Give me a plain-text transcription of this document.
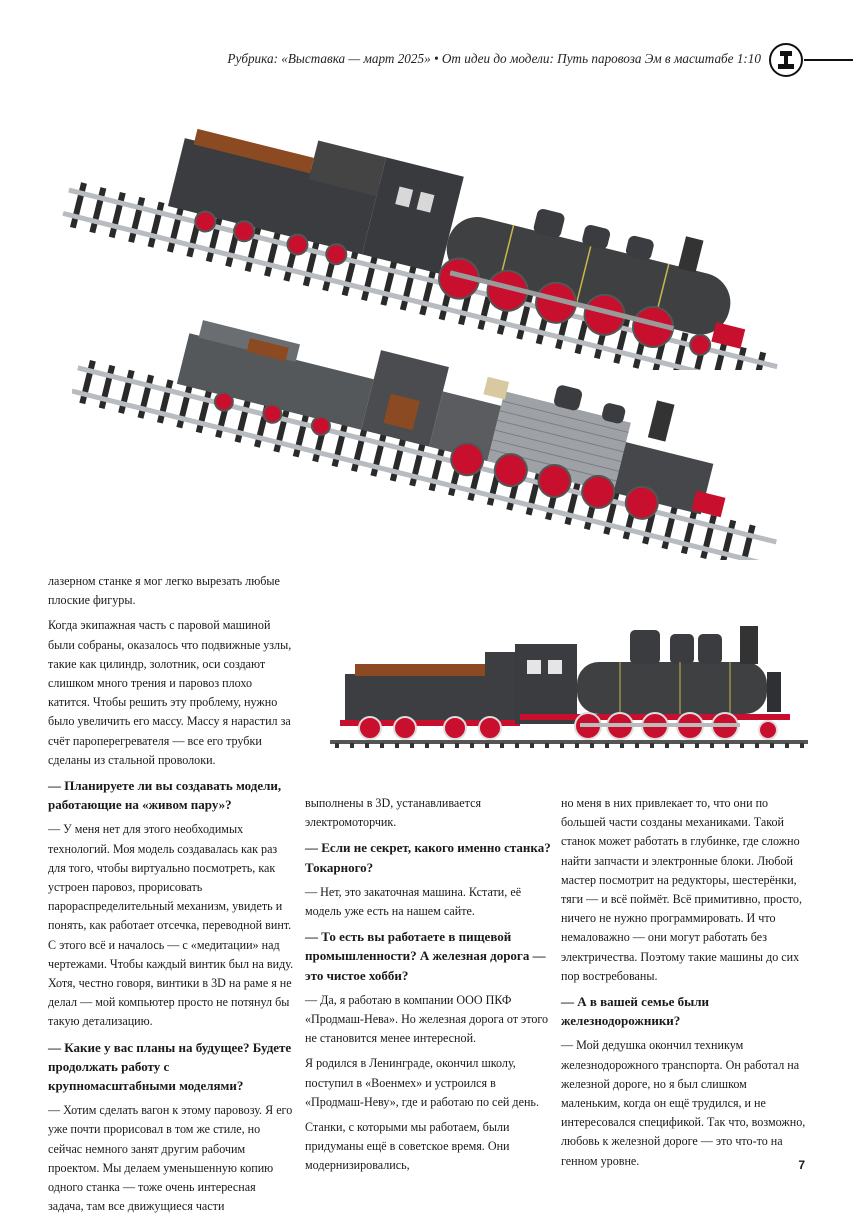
Рубрика: «Выставка — март 2025» • От идеи до модели: Путь паровоза Эм в масштабе 1:10

лазерном станке я мог легко вырезать любые плоские фигуры.

Когда экипажная часть с паровой машиной были собраны, оказалось что подвижные узлы, такие как цилиндр, золотник, оси создают слишком много трения и паровоз плохо катится. Чтобы решить эту проблему, нужно было увеличить его массу. Массу я нарастил за счёт пароперегревателя — все его трубки сделаны из стальной проволоки.

— Планируете ли вы создавать модели, работающие на «живом пару»?

— У меня нет для этого необходимых технологий. Моя модель создавалась как раз для того, чтобы виртуально посмотреть, как устроен паровоз, прорисовать парораспределительный механизм, увидеть и понять, как работает отсечка, переводной винт. С этого всё и началось — с «медитации» над чертежами. Чтобы каждый винтик был на виду. Хотя, честно говоря, винтики в 3D на раме я не делал — мой компьютер просто не потянул бы такую детализацию.

— Какие у вас планы на будущее? Будете продолжать работу с крупномасштабными моделями?

— Хотим сделать вагон к этому паровозу. Я его уже почти прорисовал в том же стиле, но сейчас немного занят другим рабочим проектом. Мы делаем уменьшенную копию одного станка — тоже очень интересная задача, там все движущиеся части

выполнены в 3D, устанавливается электромоторчик.

— Если не секрет, какого именно станка? Токарного?

— Нет, это закаточная машина. Кстати, её модель уже есть на нашем сайте.

— То есть вы работаете в пищевой промышленности? А железная дорога — это чистое хобби?

— Да, я работаю в компании ООО ПКФ «Продмаш-Нева». Но железная дорога от этого не становится менее интересной.

Я родился в Ленинграде, окончил школу, поступил в «Военмех» и устроился в «Продмаш-Неву», где и работаю по сей день.

Станки, с которыми мы работаем, были придуманы ещё в советское время. Они модернизировались,

но меня в них привлекает то, что они по большей части созданы механиками. Такой станок может работать в глубинке, где сложно найти запчасти и электронные блоки. Любой мастер посмотрит на редукторы, шестерёнки, тяги — и всё поймёт. Всё примитивно, просто, ничего не нужно программировать. И что немаловажно — они могут работать без электричества. Поэтому такие машины до сих пор востребованы.

— А в вашей семье были железнодорожники?

— Мой дедушка окончил техникум железнодорожного транспорта. Он работал на железной дороге, но я был слишком маленьким, когда он ещё трудился, и не интересовался спецификой. Так что, возможно, любовь к железной дороге — это что-то на генном уровне.	7
